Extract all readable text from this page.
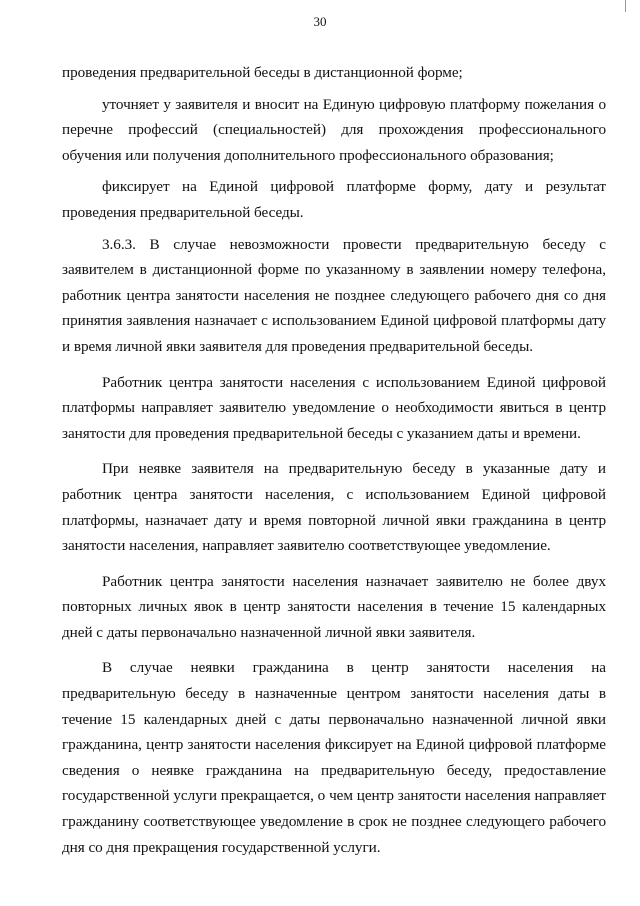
30

проведения предварительной беседы в дистанционной форме;

уточняет у заявителя и вносит на Единую цифровую платформу пожелания о перечне профессий (специальностей) для прохождения профессионального обучения или получения дополнительного профессионального образования;

фиксирует на Единой цифровой платформе форму, дату и результат проведения предварительной беседы.

3.6.3. В случае невозможности провести предварительную беседу с заявителем в дистанционной форме по указанному в заявлении номеру телефона, работник центра занятости населения не позднее следующего рабочего дня со дня принятия заявления назначает с использованием Единой цифровой платформы дату и время личной явки заявителя для проведения предварительной беседы.

Работник центра занятости населения с использованием Единой цифровой платформы направляет заявителю уведомление о необходимости явиться в центр занятости для проведения предварительной беседы с указанием даты и времени.

При неявке заявителя на предварительную беседу в указанные дату и работник центра занятости населения, с использованием Единой цифровой платформы, назначает дату и время повторной личной явки гражданина в центр занятости населения, направляет заявителю соответствующее уведомление.

Работник центра занятости населения назначает заявителю не более двух повторных личных явок в центр занятости населения в течение 15 календарных дней с даты первоначально назначенной личной явки заявителя.

В случае неявки гражданина в центр занятости населения на предварительную беседу в назначенные центром занятости населения даты в течение 15 календарных дней с даты первоначально назначенной личной явки гражданина, центр занятости населения фиксирует на Единой цифровой платформе сведения о неявке гражданина на предварительную беседу, предоставление государственной услуги прекращается, о чем центр занятости населения направляет гражданину соответствующее уведомление в срок не позднее следующего рабочего дня со дня прекращения государственной услуги.
